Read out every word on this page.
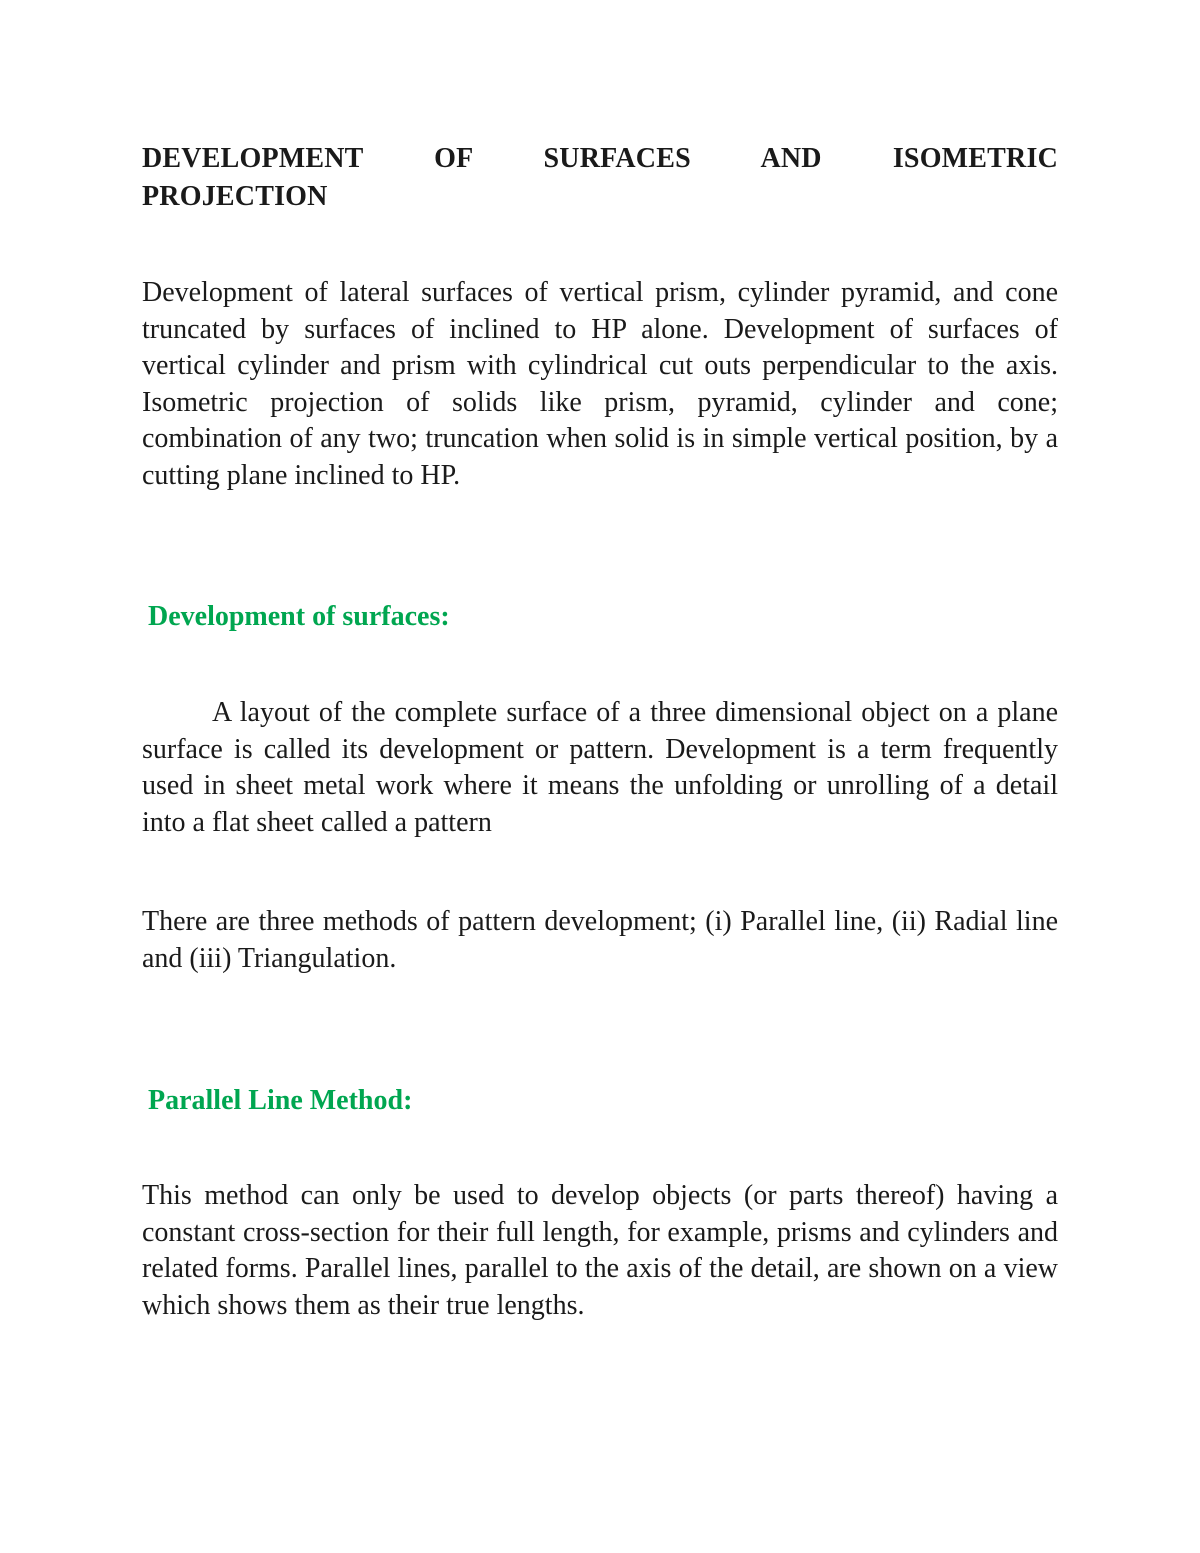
DEVELOPMENT OF SURFACES AND ISOMETRIC
PROJECTION

Development of lateral surfaces of vertical prism, cylinder pyramid, and cone truncated by surfaces of inclined to HP alone. Development of surfaces of vertical cylinder and prism with cylindrical cut outs perpendicular to the axis. Isometric projection of solids like prism, pyramid, cylinder and cone; combination of any two; truncation when solid is in simple vertical position, by a cutting plane inclined to HP.

Development of surfaces:

A layout of the complete surface of a three dimensional object on a plane surface is called its development or pattern. Development is a term frequently used in sheet metal work where it means the unfolding or unrolling of a detail into a flat sheet called a pattern

There are three methods of pattern development; (i) Parallel line, (ii) Radial line and (iii) Triangulation.

Parallel Line Method:

This method can only be used to develop objects (or parts thereof) having a constant cross-section for their full length, for example, prisms and cylinders and related forms. Parallel lines, parallel to the axis of the detail, are shown on a view which shows them as their true lengths.
